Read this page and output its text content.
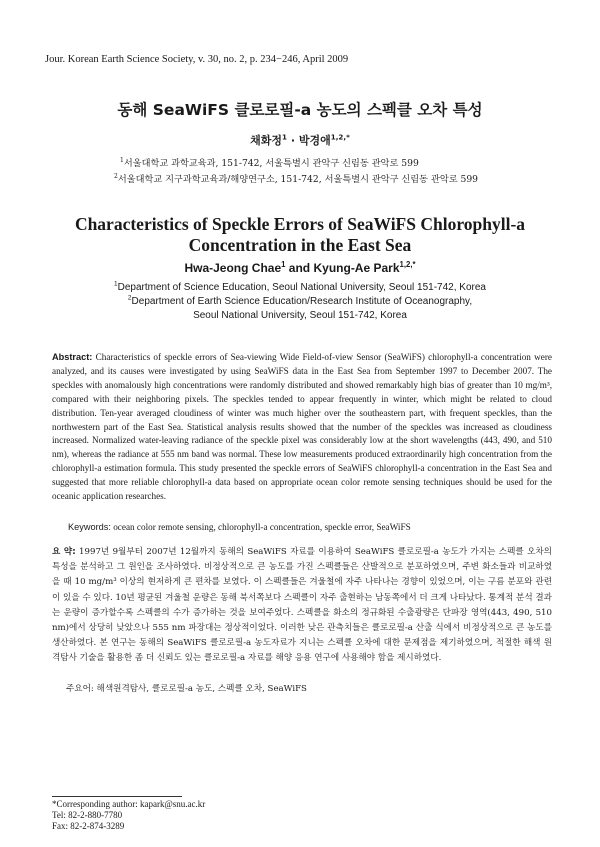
Jour. Korean Earth Science Society, v. 30, no. 2, p. 234−246, April 2009
동해 SeaWiFS 클로로필-a 농도의 스펙클 오차 특성
채화정$^1$ · 박경애$^{1,2,*}$
$^1$서울대학교 과학교육과, 151-742, 서울특별시 관악구 신림동 관악로 599
$^2$서울대학교 지구과학교육과/해양연구소, 151-742, 서울특별시 관악구 신림동 관악로 599
Characteristics of Speckle Errors of SeaWiFS Chlorophyll-a
Concentration in the East Sea
Hwa-Jeong Chae$^1$ and Kyung-Ae Park$^{1,2,*}$
$^1$Department of Science Education, Seoul National University, Seoul 151-742, Korea
$^2$Department of Earth Science Education/Research Institute of Oceanography,
Seoul National University, Seoul 151-742, Korea
Abstract: Characteristics of speckle errors of Sea-viewing Wide Field-of-view Sensor (SeaWiFS) chlorophyll-a concentration were analyzed, and its causes were investigated by using SeaWiFS data in the East Sea from September 1997 to December 2007. The speckles with anomalously high concentrations were randomly distributed and showed remarkably high bias of greater than 10 mg/m³, compared with their neighboring pixels. The speckles tended to appear frequently in winter, which might be related to cloud distribution. Ten-year averaged cloudiness of winter was much higher over the southeastern part, with frequent speckles, than the northwestern part of the East Sea. Statistical analysis results showed that the number of the speckles was increased as cloudiness increased. Normalized water-leaving radiance of the speckle pixel was considerably low at the short wavelengths (443, 490, and 510 nm), whereas the radiance at 555 nm band was normal. These low measurements produced extraordinarily high concentration from the chlorophyll-a estimation formula. This study presented the speckle errors of SeaWiFS chlorophyll-a concentration in the East Sea and suggested that more reliable chlorophyll-a data based on appropriate ocean color remote sensing techniques should be used for the oceanic application researches.
Keywords: ocean color remote sensing, chlorophyll-a concentration, speckle error, SeaWiFS
요 약: 1997년 9월부터 2007년 12월까지 동해의 SeaWiFS 자료를 이용하여 SeaWiFS 클로로필-a 농도가 가지는 스펙클 오차의 특성을 분석하고 그 원인을 조사하였다. 비정상적으로 큰 농도를 가진 스펙클들은 산발적으로 분포하였으며, 주변 화소들과 비교하였을 때 10 mg/m³ 이상의 현저하게 큰 편차를 보였다. 이 스펙클들은 겨울철에 자주 나타나는 경향이 있었으며, 이는 구름 분포와 관련이 있을 수 있다. 10년 평균된 겨울철 운량은 동해 북서쪽보다 스펙클이 자주 출현하는 남동쪽에서 더 크게 나타났다. 통계적 분석 결과는 운량이 증가할수록 스펙클의 수가 증가하는 것을 보여주었다. 스펙클을 화소의 정규화된 수출광량은 단파장 영역(443, 490, 510 nm)에서 상당히 낮았으나 555 nm 파장대는 정상적이었다. 이러한 낮은 관측치들은 클로로필-a 산출 식에서 비정상적으로 큰 농도를 생산하였다. 본 연구는 동해의 SeaWiFS 클로로필-a 농도자료가 지니는 스펙클 오차에 대한 문제점을 제기하였으며, 적절한 해색 원격탐사 기술을 활용한 좀 더 신뢰도 있는 클로로필-a 자료를 해양 응용 연구에 사용해야 함을 제시하였다.
주요어: 해색원격탐사, 클로로필-a 농도, 스펙클 오차, SeaWiFS
*Corresponding author: kapark@snu.ac.kr
Tel: 82-2-880-7780
Fax: 82-2-874-3289
